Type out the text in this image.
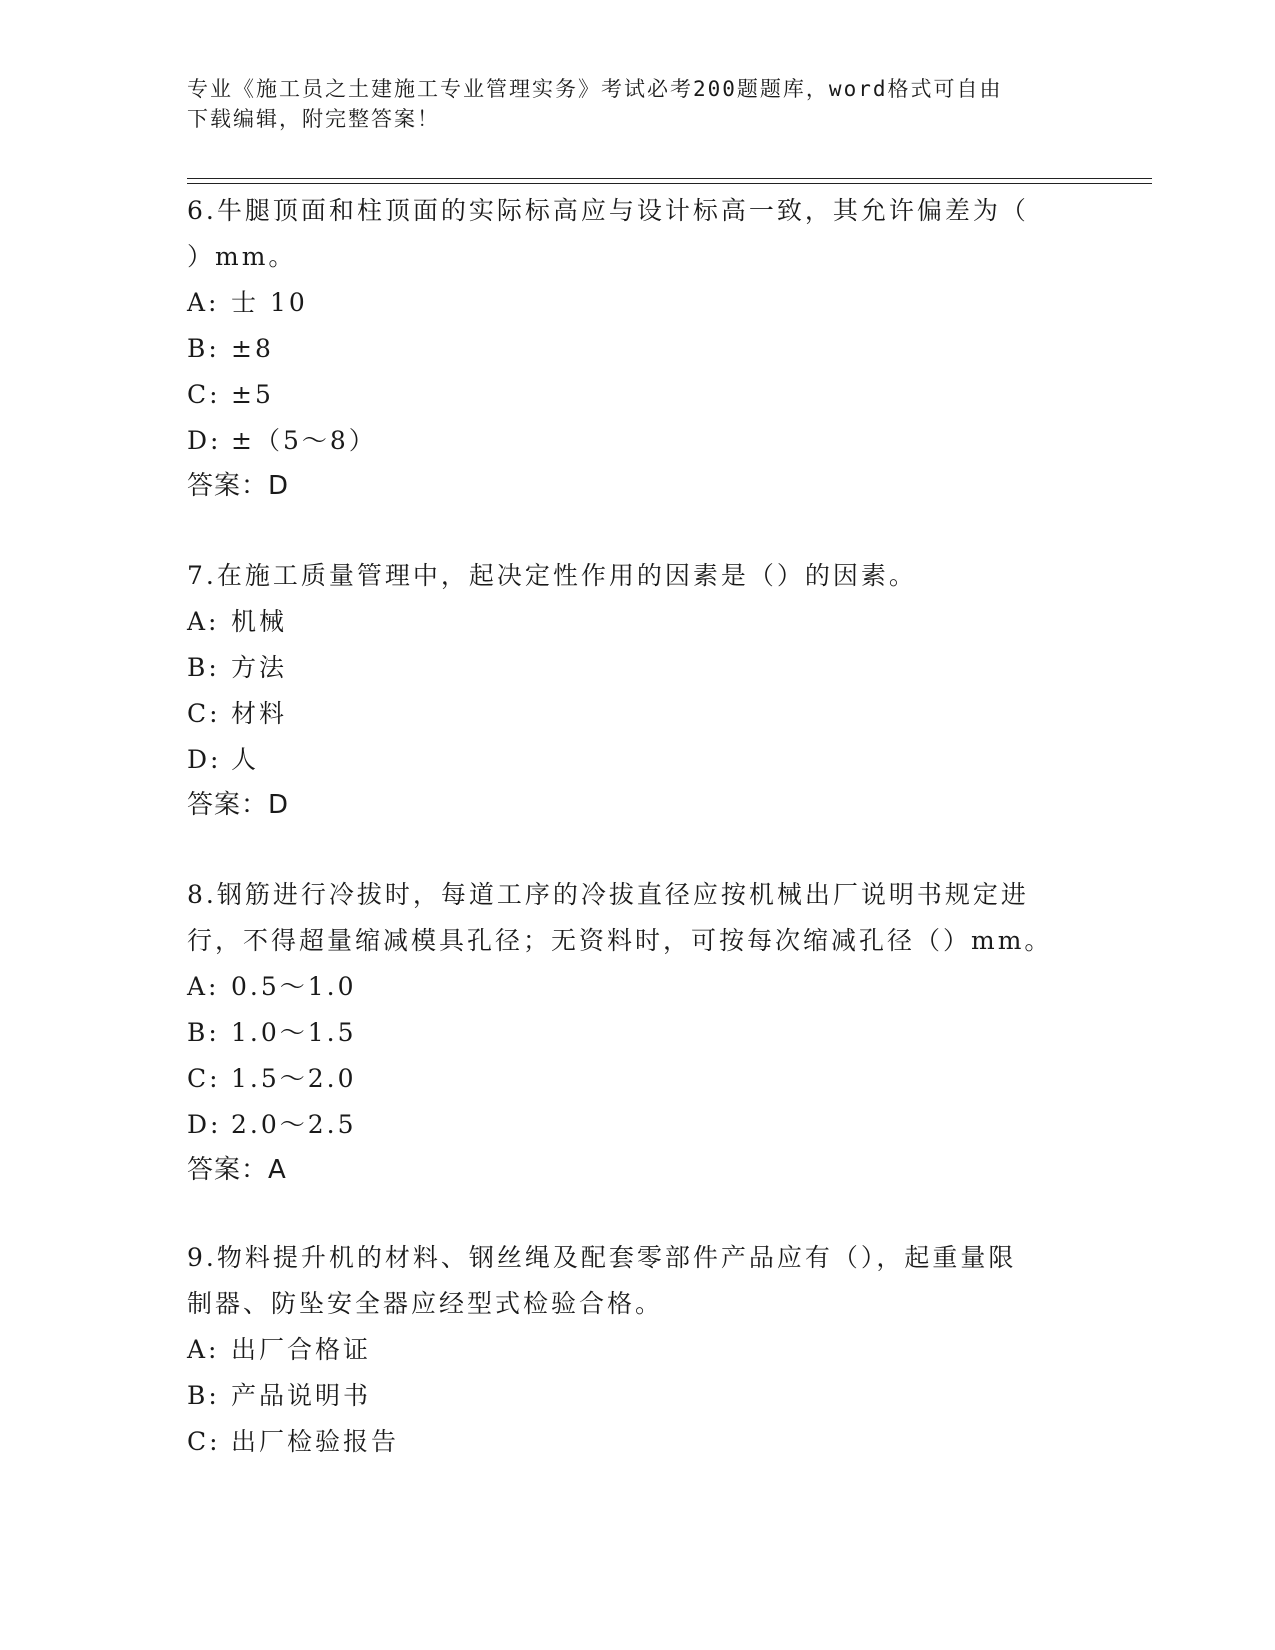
专业《施工员之土建施工专业管理实务》考试必考200题题库，word格式可自由
下载编辑，附完整答案！

6.牛腿顶面和柱顶面的实际标高应与设计标高一致，其允许偏差为（

）mm。

A: 士 10

B: ±8

C: ±5

D: ±（5～8）

答案：D

7.在施工质量管理中，起决定性作用的因素是（）的因素。

A: 机械

B: 方法

C: 材料

D: 人

答案：D

8.钢筋进行冷拔时，每道工序的冷拔直径应按机械出厂说明书规定进

行，不得超量缩减模具孔径；无资料时，可按每次缩减孔径（）mm。

A: 0.5～1.0

B: 1.0～1.5

C: 1.5～2.0

D: 2.0～2.5

答案：A

9.物料提升机的材料、钢丝绳及配套零部件产品应有（），起重量限

制器、防坠安全器应经型式检验合格。

A: 出厂合格证

B: 产品说明书

C: 出厂检验报告
